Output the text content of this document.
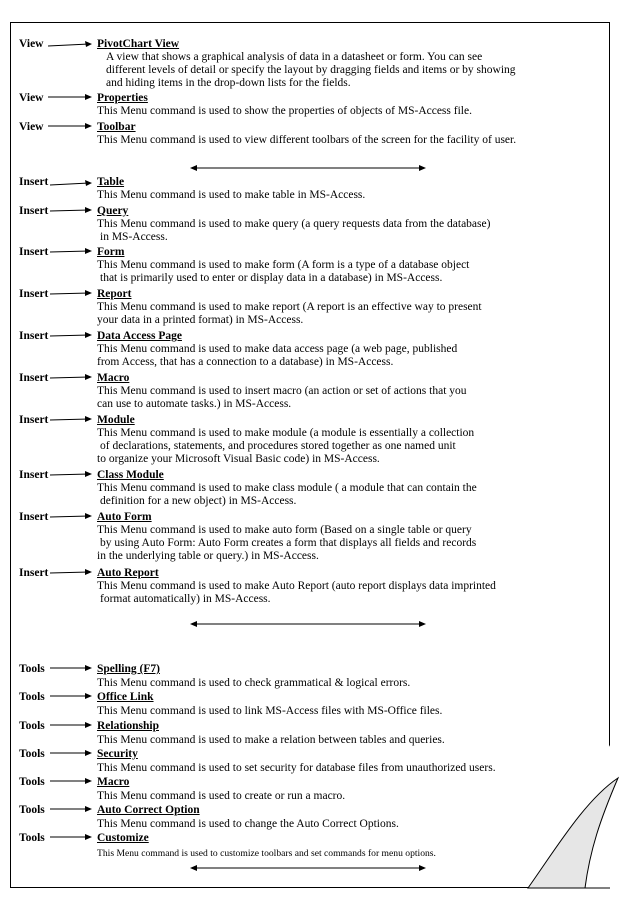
View	PivotChart View
A view that shows a graphical analysis of data in a datasheet or form. You can see
different levels of detail or specify the layout by dragging fields and items or by showing
and hiding items in the drop-down lists for the fields.
View	Properties
This Menu command is used to show the properties of objects of MS-Access file.
View	Toolbar
This Menu command is used to view different toolbars of the screen for the facility of user.
Insert	Table
This Menu command is used to make table in MS-Access.
Insert	Query
This Menu command is used to make query (a query requests data from the database)
in MS-Access.
Insert	Form
This Menu command is used to make form (A form is a type of a database object
that is primarily used to enter or display data in a database) in MS-Access.
Insert	Report
This Menu command is used to make report (A report is an effective way to present
your data in a printed format) in MS-Access.
Insert	Data Access Page
This Menu command is used to make data access page (a web page, published
from Access, that has a connection to a database) in MS-Access.
Insert	Macro
This Menu command is used to insert macro (an action or set of actions that you
can use to automate tasks.) in MS-Access.
Insert	Module
This Menu command is used to make module (a module is essentially a collection
of declarations, statements, and procedures stored together as one named unit
to organize your Microsoft Visual Basic code) in MS-Access.
Insert	Class Module
This Menu command is used to make class module ( a module that can contain the
definition for a new object) in MS-Access.
Insert	Auto Form
This Menu command is used to make auto form (Based on a single table or query
by using Auto Form: Auto Form creates a form that displays all fields and records
in the underlying table or query.) in MS-Access.
Insert	Auto Report
This Menu command is used to make Auto Report (auto report displays data imprinted
format automatically) in MS-Access.
Tools	Spelling (F7)
This Menu command is used to check grammatical & logical errors.
Tools	Office Link
This Menu command is used to link MS-Access files with MS-Office files.
Tools	Relationship
This Menu command is used to make a relation between tables and queries.
Tools	Security
This Menu command is used to set security for database files from unauthorized users.
Tools	Macro
This Menu command is used to create or run a macro.
Tools	Auto Correct Option
This Menu command is used to change the Auto Correct Options.
Tools	Customize
This Menu command is used to customize toolbars and set commands for menu options.
